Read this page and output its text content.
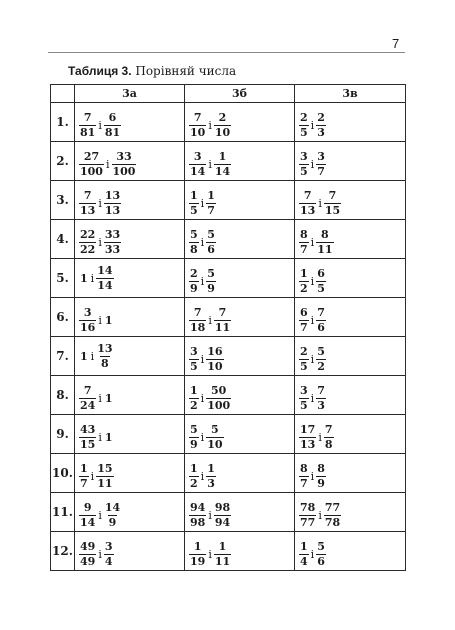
7
Таблиця 3. Порівняй числа
	3а	3б	3в
1.	$\frac{7}{81}$ і $\frac{6}{81}$	$\frac{7}{10}$ і $\frac{2}{10}$	$\frac{2}{5}$ і $\frac{2}{3}$

2.	$\frac{27}{100}$ і $\frac{33}{100}$	$\frac{3}{14}$ і $\frac{1}{14}$	$\frac{3}{5}$ і $\frac{3}{7}$

3.	$\frac{7}{13}$ і $\frac{13}{13}$	$\frac{1}{5}$ і $\frac{1}{7}$	$\frac{7}{13}$ і $\frac{7}{15}$

4.	$\frac{22}{22}$ і $\frac{33}{33}$	$\frac{5}{8}$ і $\frac{5}{6}$	$\frac{8}{7}$ і $\frac{8}{11}$

5.	1 і $\frac{14}{14}$	$\frac{2}{9}$ і $\frac{5}{9}$	$\frac{1}{2}$ і $\frac{6}{5}$

6.	$\frac{3}{16}$ і 1	$\frac{7}{18}$ і $\frac{7}{11}$	$\frac{6}{7}$ і $\frac{7}{6}$

7.	1 і $\frac{13}{8}$	$\frac{3}{5}$ і $\frac{16}{10}$	$\frac{2}{5}$ і $\frac{5}{2}$

8.	$\frac{7}{24}$ і 1	$\frac{1}{2}$ і $\frac{50}{100}$	$\frac{3}{5}$ і $\frac{7}{3}$

9.	$\frac{43}{15}$ і 1	$\frac{5}{9}$ і $\frac{5}{10}$	$\frac{17}{13}$ і $\frac{7}{8}$

10.	$\frac{1}{7}$ і $\frac{15}{11}$	$\frac{1}{2}$ і $\frac{1}{3}$	$\frac{8}{7}$ і $\frac{8}{9}$

11.	$\frac{9}{14}$ і $\frac{14}{9}$	$\frac{94}{98}$ і $\frac{98}{94}$	$\frac{78}{77}$ і $\frac{77}{78}$

12.	$\frac{49}{49}$ і $\frac{3}{4}$	$\frac{1}{19}$ і $\frac{1}{11}$	$\frac{1}{4}$ і $\frac{5}{6}$
